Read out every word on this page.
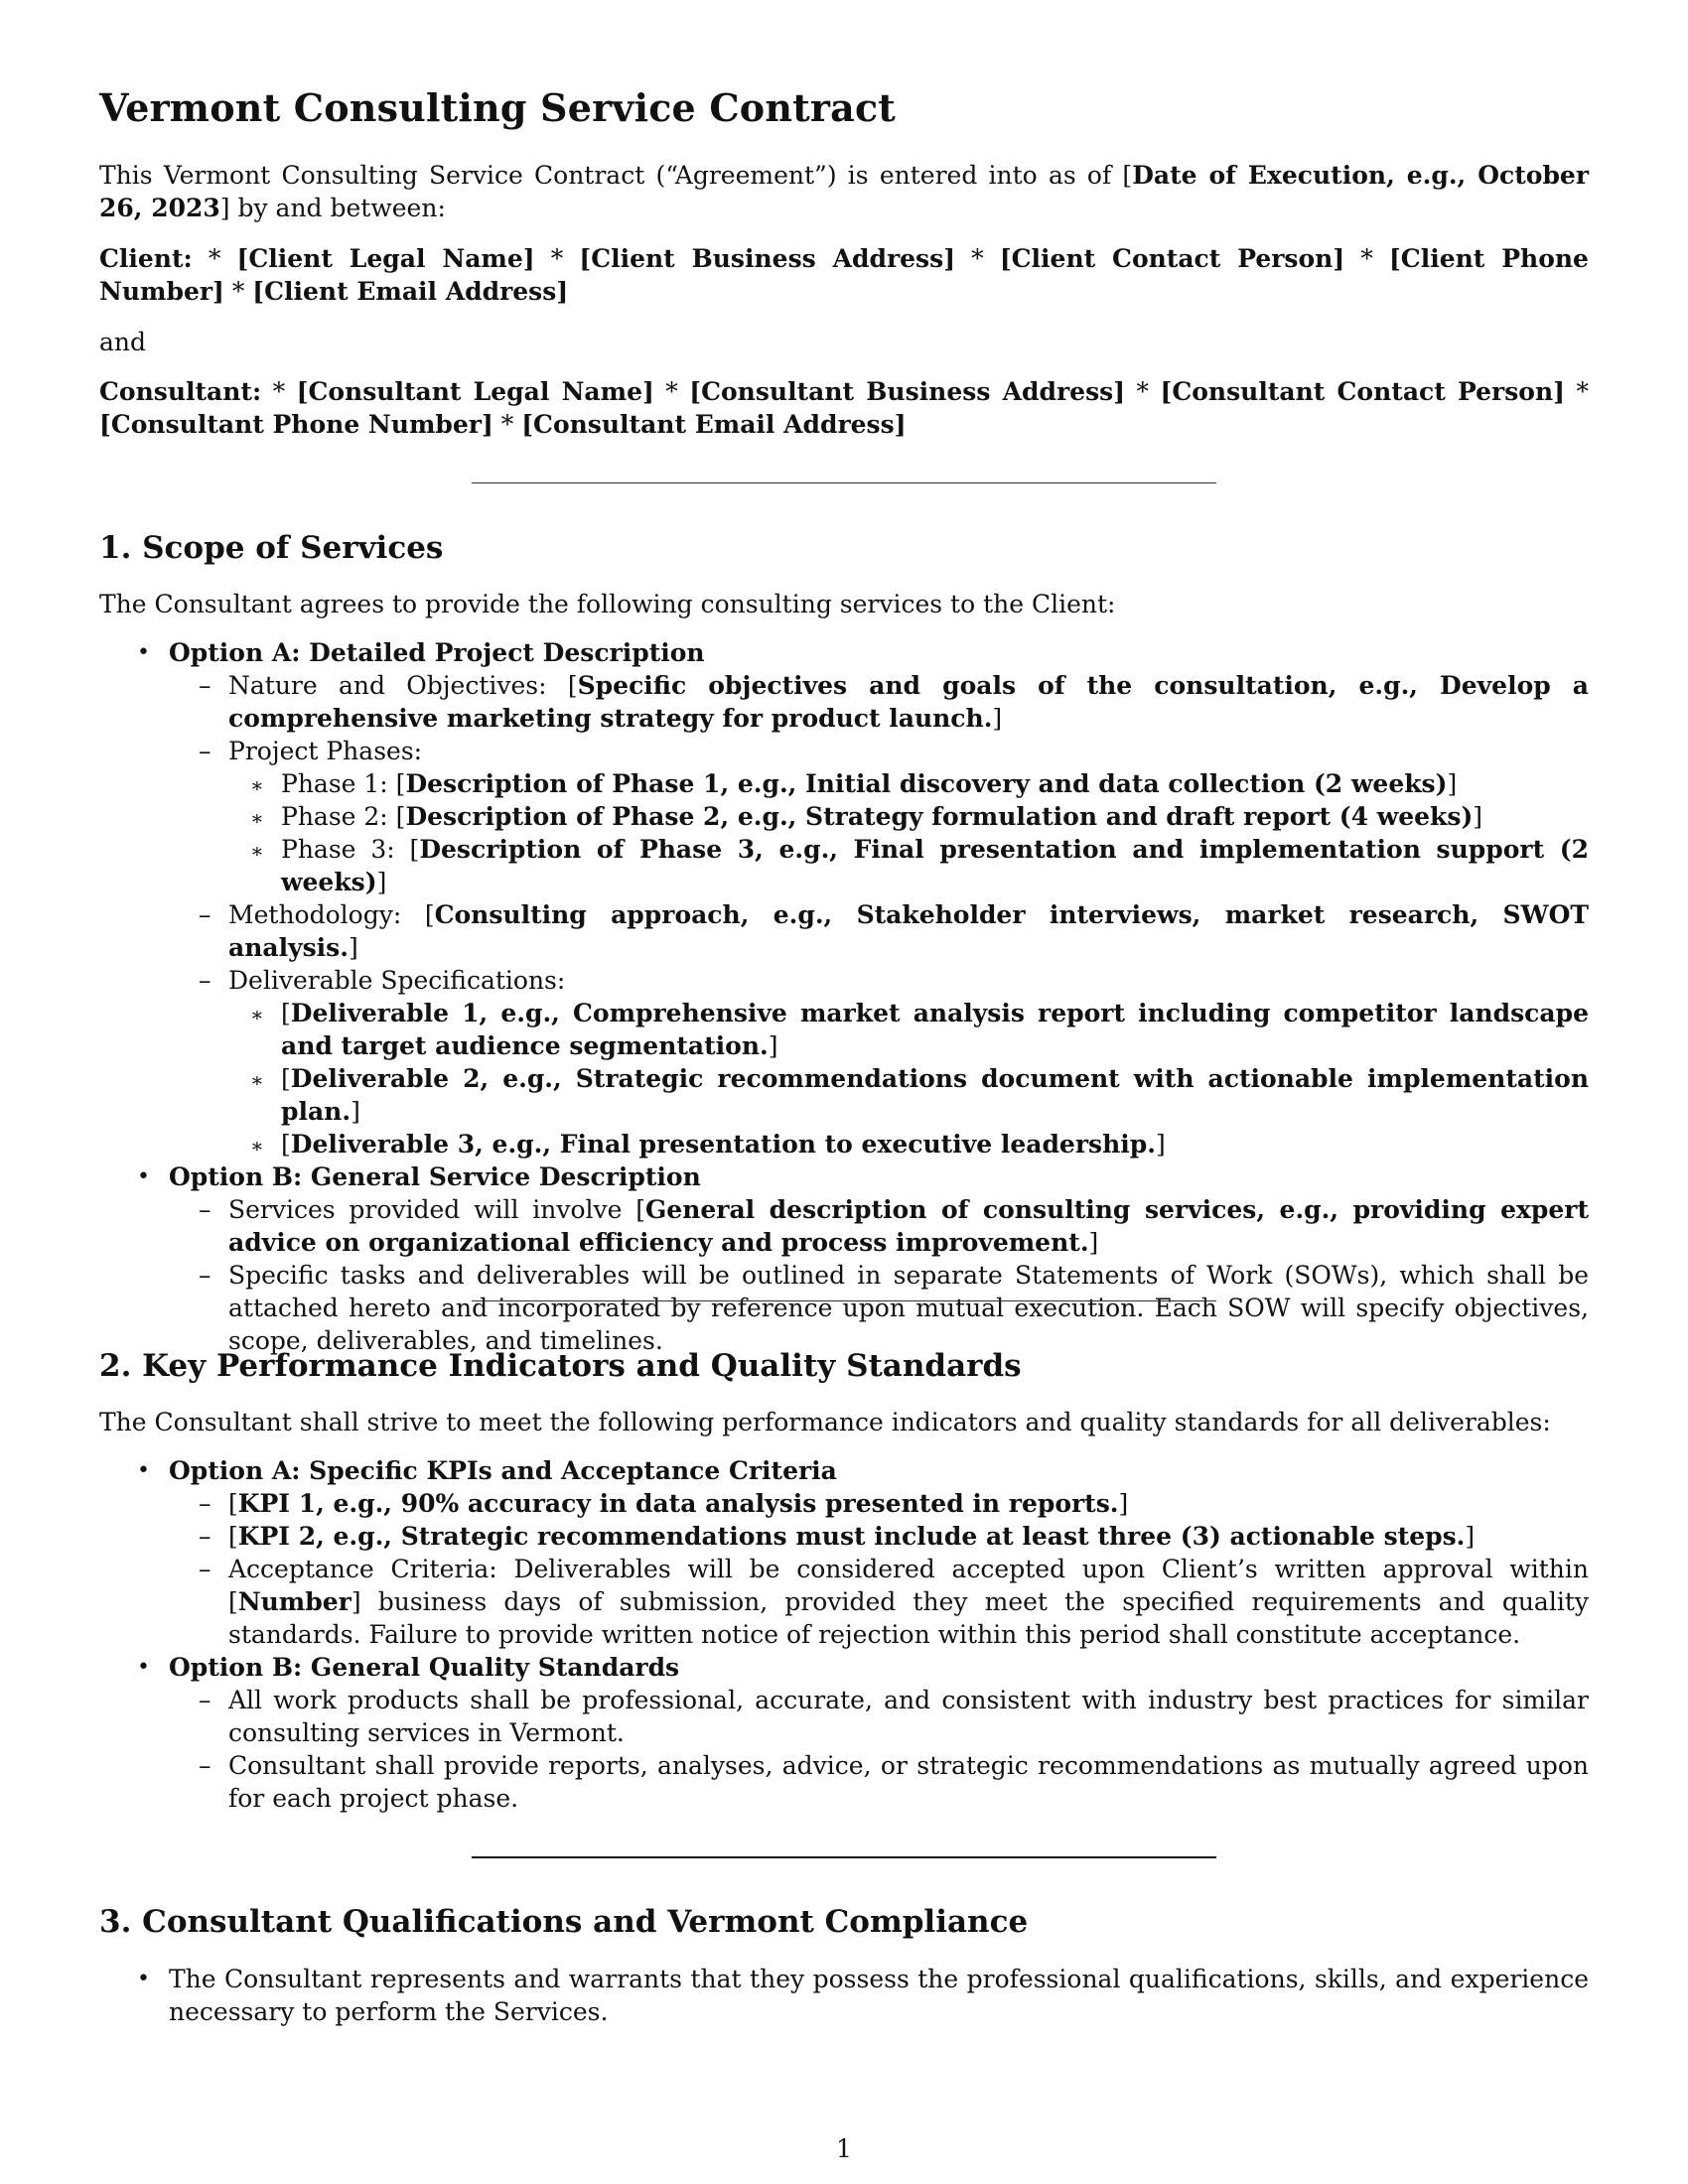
Vermont Consulting Service Contract

This Vermont Consulting Service Contract (“Agreement”) is entered into as of [Date of Execution, e.g., October 26, 2023] by and between:

Client: * [Client Legal Name] * [Client Business Address] * [Client Contact Person] * [Client Phone Number] * [Client Email Address]

and

Consultant: * [Consultant Legal Name] * [Consultant Business Address] * [Consultant Contact Person] * [Consultant Phone Number] * [Consultant Email Address]

1. Scope of Services

The Consultant agrees to provide the following consulting services to the Client:

• Option A: Detailed Project Description
– Nature and Objectives: [Specific objectives and goals of the consultation, e.g., Develop a comprehensive marketing strategy for product launch.]
– Project Phases:
∗ Phase 1: [Description of Phase 1, e.g., Initial discovery and data collection (2 weeks)]
∗ Phase 2: [Description of Phase 2, e.g., Strategy formulation and draft report (4 weeks)]
∗ Phase 3: [Description of Phase 3, e.g., Final presentation and implementation support (2 weeks)]
– Methodology: [Consulting approach, e.g., Stakeholder interviews, market research, SWOT analysis.]
– Deliverable Specifications:
∗ [Deliverable 1, e.g., Comprehensive market analysis report including competitor landscape and target audience segmentation.]
∗ [Deliverable 2, e.g., Strategic recommendations document with actionable implementation plan.]
∗ [Deliverable 3, e.g., Final presentation to executive leadership.]
• Option B: General Service Description
– Services provided will involve [General description of consulting services, e.g., providing expert advice on organizational efficiency and process improvement.]
– Specific tasks and deliverables will be outlined in separate Statements of Work (SOWs), which shall be attached hereto and incorporated by reference upon mutual execution. Each SOW will specify objectives, scope, deliverables, and timelines.
2. Key Performance Indicators and Quality Standards

The Consultant shall strive to meet the following performance indicators and quality standards for all deliverables:

• Option A: Specific KPIs and Acceptance Criteria
– [KPI 1, e.g., 90% accuracy in data analysis presented in reports.]
– [KPI 2, e.g., Strategic recommendations must include at least three (3) actionable steps.]
– Acceptance Criteria: Deliverables will be considered accepted upon Client’s written approval within [Number] business days of submission, provided they meet the specified requirements and quality standards. Failure to provide written notice of rejection within this period shall constitute acceptance.
• Option B: General Quality Standards
– All work products shall be professional, accurate, and consistent with industry best practices for similar consulting services in Vermont.
– Consultant shall provide reports, analyses, advice, or strategic recommendations as mutually agreed upon for each project phase.
3. Consultant Qualifications and Vermont Compliance
• The Consultant represents and warrants that they possess the professional qualifications, skills, and experience necessary to perform the Services.
1
